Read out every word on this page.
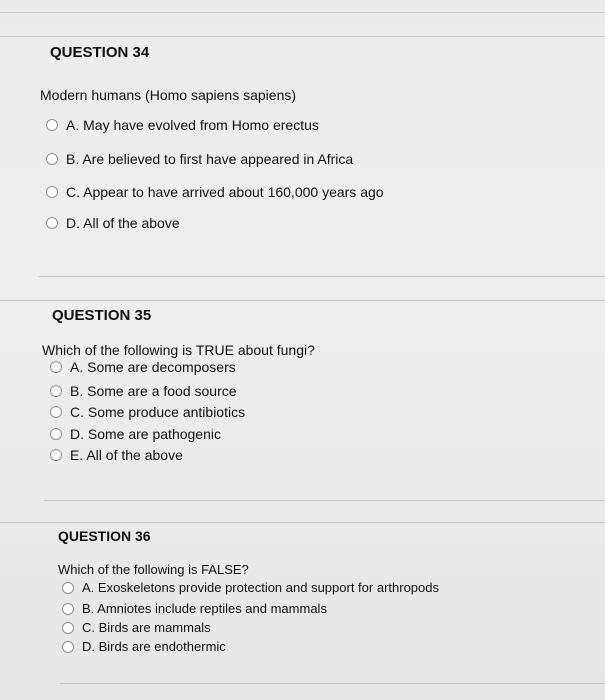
QUESTION 34
Modern humans (Homo sapiens sapiens)
A. May have evolved from Homo erectus
B. Are believed to first have appeared in Africa
C. Appear to have arrived about 160,000 years ago
D. All of the above
QUESTION 35
Which of the following is TRUE about fungi?
A. Some are decomposers
B. Some are a food source
C. Some produce antibiotics
D. Some are pathogenic
E. All of the above
QUESTION 36
Which of the following is FALSE?
A. Exoskeletons provide protection and support for arthropods
B. Amniotes include reptiles and mammals
C. Birds are mammals
D. Birds are endothermic
